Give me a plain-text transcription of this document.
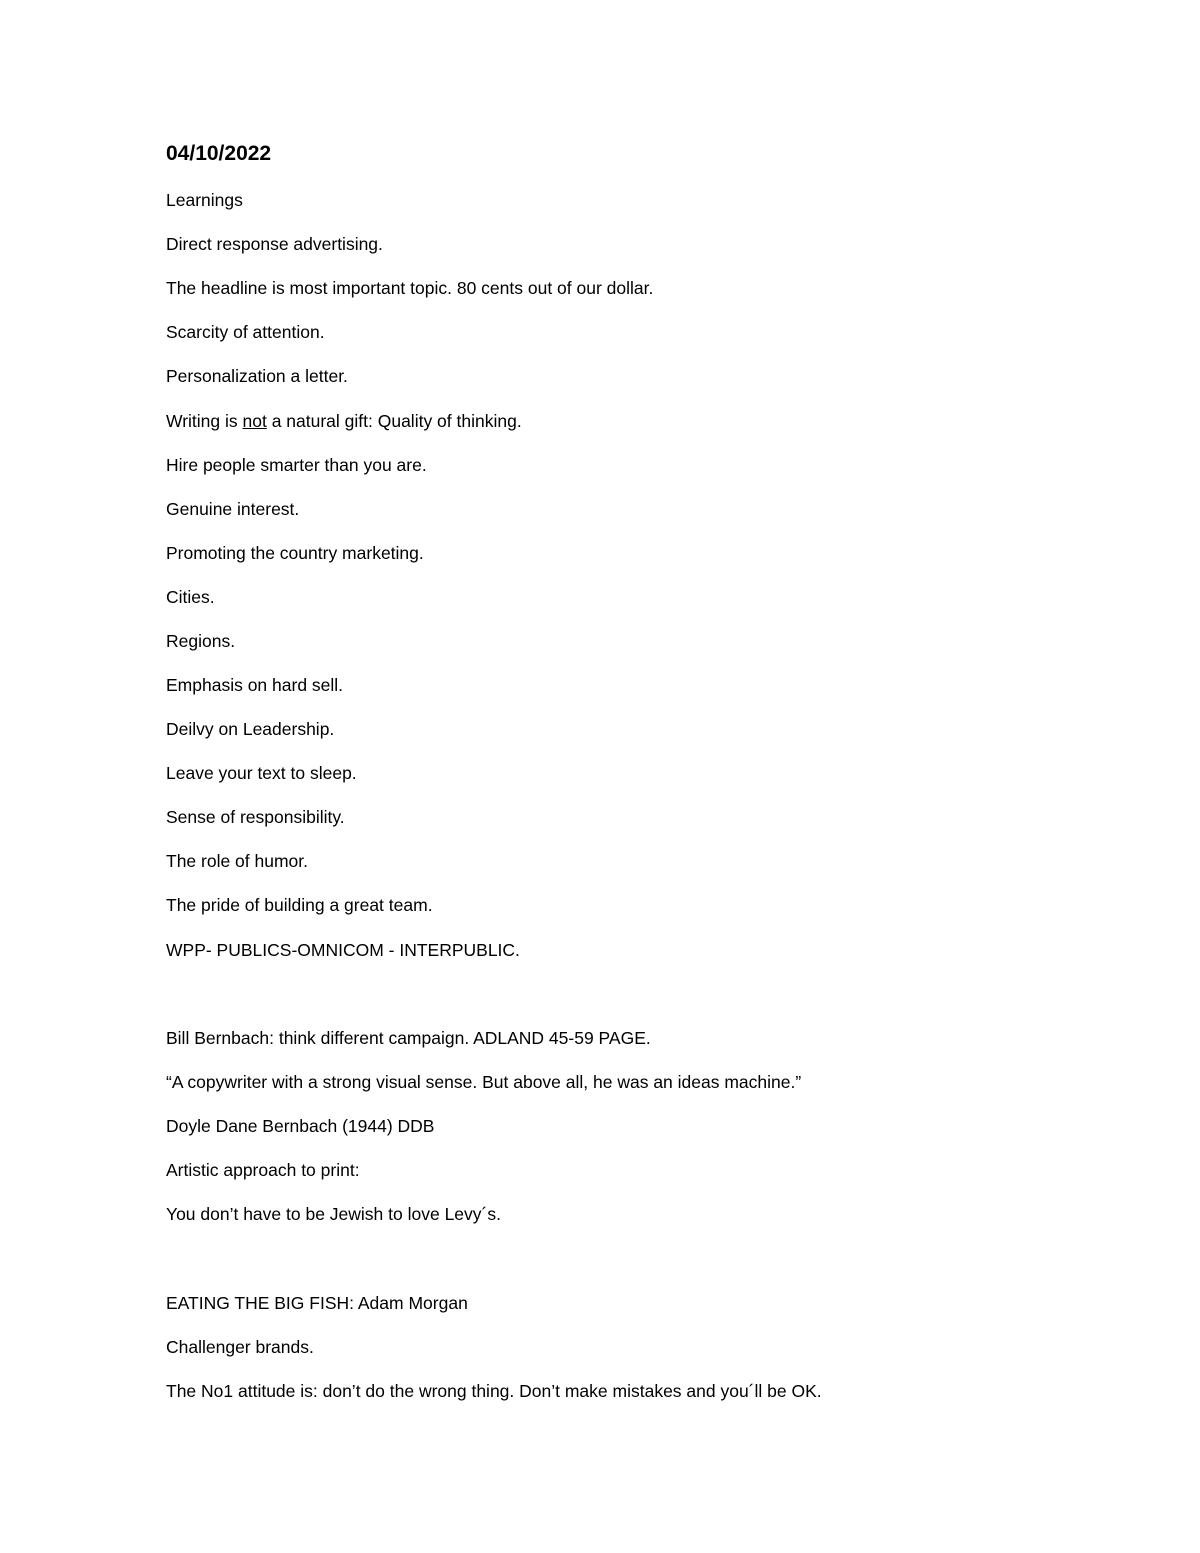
04/10/2022

Learnings

Direct response advertising.

The headline is most important topic. 80 cents out of our dollar.

Scarcity of attention.

Personalization a letter.

Writing is not a natural gift: Quality of thinking.

Hire people smarter than you are.

Genuine interest.

Promoting the country marketing.

Cities.

Regions.

Emphasis on hard sell.

Deilvy on Leadership.

Leave your text to sleep.

Sense of responsibility.

The role of humor.

The pride of building a great team.

WPP- PUBLICS-OMNICOM - INTERPUBLIC.

Bill Bernbach: think different campaign. ADLAND 45-59 PAGE.

“A copywriter with a strong visual sense. But above all, he was an ideas machine.”

Doyle Dane Bernbach (1944) DDB

Artistic approach to print:

You don’t have to be Jewish to love Levy´s.

EATING THE BIG FISH: Adam Morgan

Challenger brands.

The No1 attitude is: don’t do the wrong thing. Don’t make mistakes and you´ll be OK.
